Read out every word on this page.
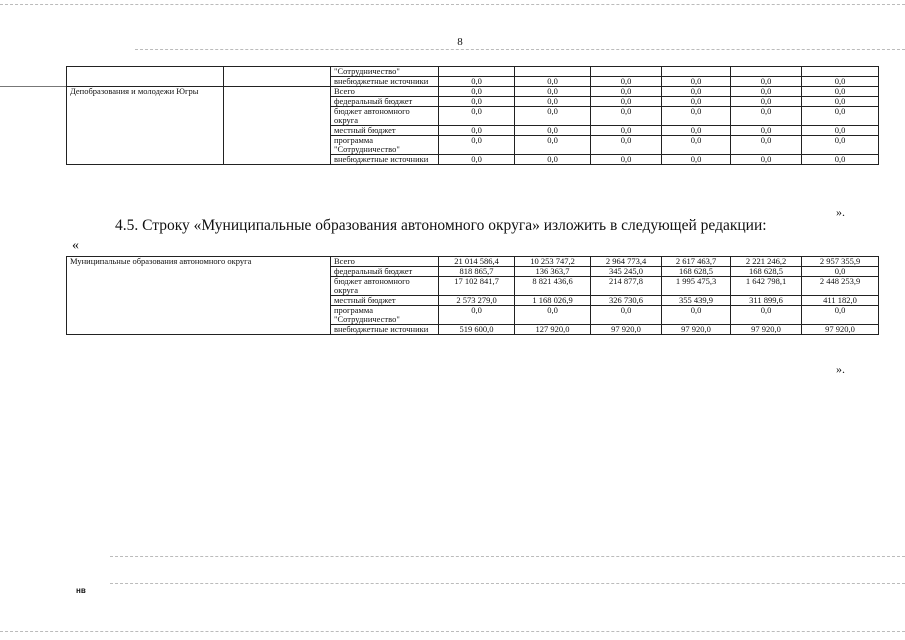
8
		"Сотрудничество"						
		внебюджетные источники	0,0	0,0	0,0	0,0	0,0	0,0
Депобразования и молодежи Югры		Всего	0,0	0,0	0,0	0,0	0,0	0,0
		федеральный бюджет	0,0	0,0	0,0	0,0	0,0	0,0
		бюджет автономного округа	0,0	0,0	0,0	0,0	0,0	0,0
		местный бюджет	0,0	0,0	0,0	0,0	0,0	0,0
		программа "Сотрудничество"	0,0	0,0	0,0	0,0	0,0	0,0
		внебюджетные источники	0,0	0,0	0,0	0,0	0,0	0,0
».
4.5. Строку «Муниципальные образования автономного округа» изложить в следующей редакции:
«
Муниципальные образования автономного округа	Всего	21 014 586,4	10 253 747,2	2 964 773,4	2 617 463,7	2 221 246,2	2 957 355,9
	федеральный бюджет	818 865,7	136 363,7	345 245,0	168 628,5	168 628,5	0,0
	бюджет автономного округа	17 102 841,7	8 821 436,6	214 877,8	1 995 475,3	1 642 798,1	2 448 253,9
	местный бюджет	2 573 279,0	1 168 026,9	326 730,6	355 439,9	311 899,6	411 182,0
	программа "Сотрудничество"	0,0	0,0	0,0	0,0	0,0	0,0
	внебюджетные источники	519 600,0	127 920,0	97 920,0	97 920,0	97 920,0	97 920,0
».
нв
